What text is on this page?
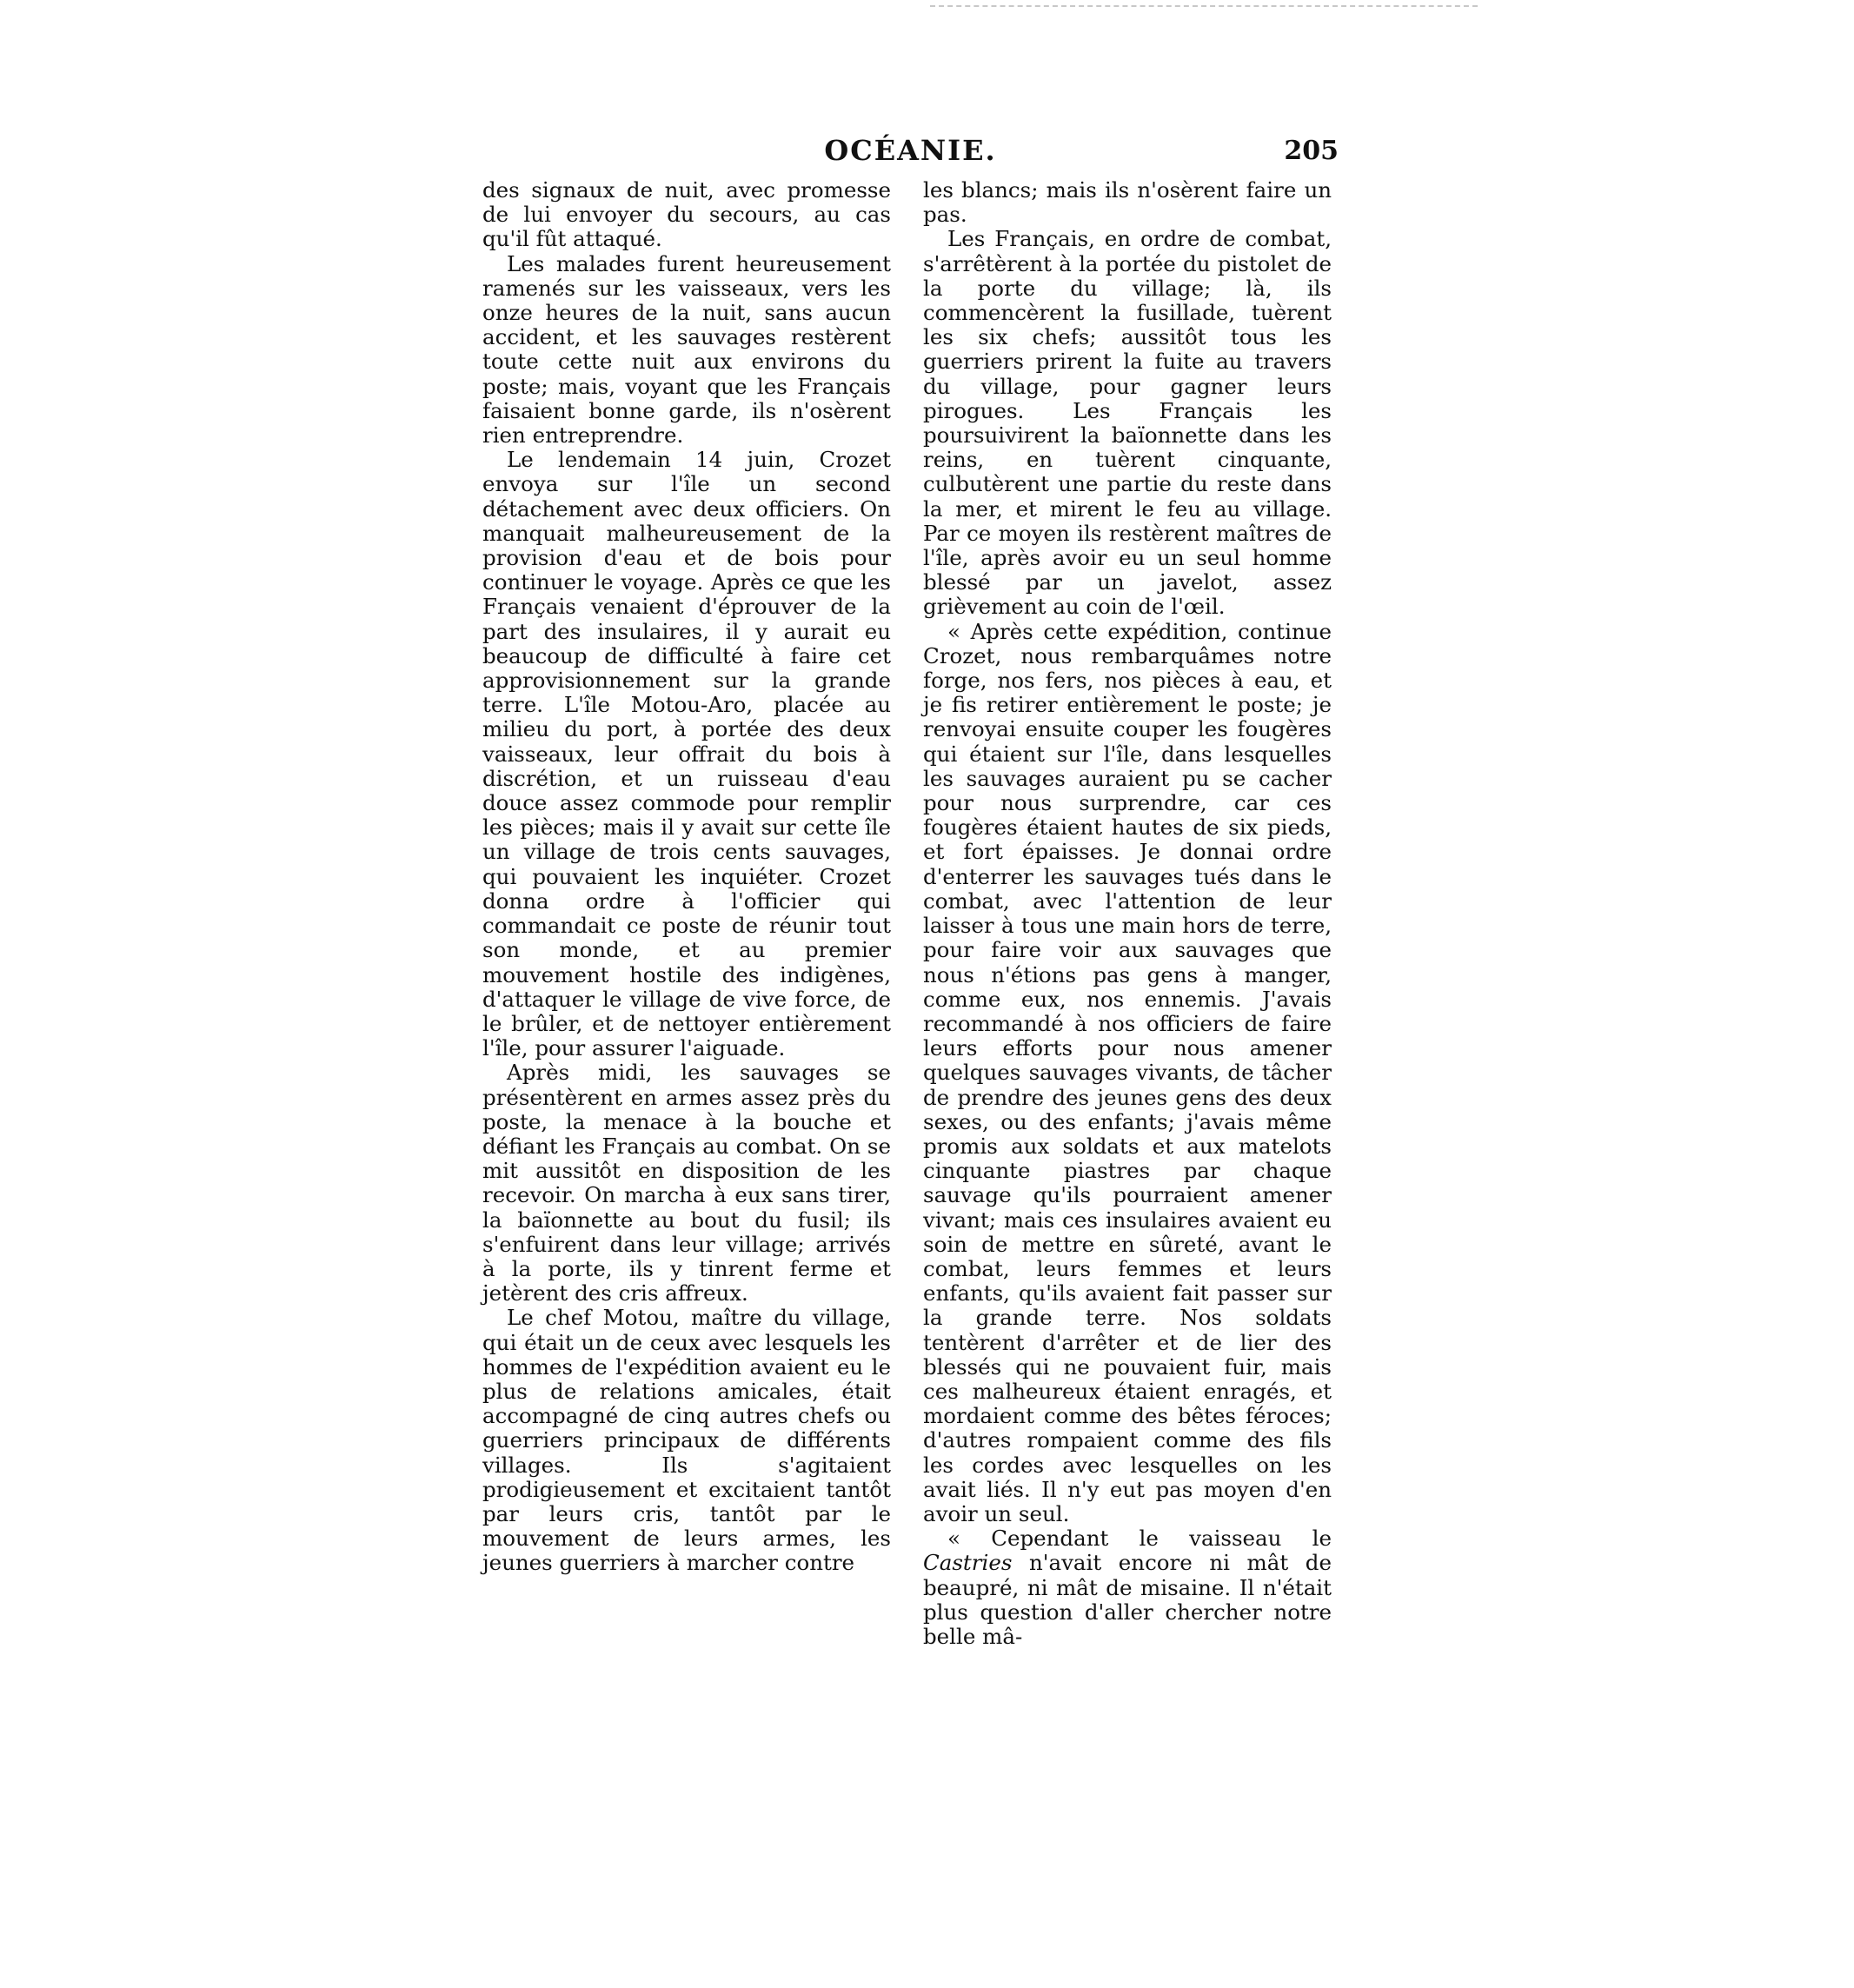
OCÉANIE.	205

des signaux de nuit, avec promesse de lui envoyer du secours, au cas qu'il fût attaqué.

Les malades furent heureusement ramenés sur les vaisseaux, vers les onze heures de la nuit, sans aucun accident, et les sauvages restèrent toute cette nuit aux environs du poste; mais, voyant que les Français faisaient bonne garde, ils n'osèrent rien entreprendre.

Le lendemain 14 juin, Crozet envoya sur l'île un second détachement avec deux officiers. On manquait malheureusement de la provision d'eau et de bois pour continuer le voyage. Après ce que les Français venaient d'éprouver de la part des insulaires, il y aurait eu beaucoup de difficulté à faire cet approvisionnement sur la grande terre. L'île Motou-Aro, placée au milieu du port, à portée des deux vaisseaux, leur offrait du bois à discrétion, et un ruisseau d'eau douce assez commode pour remplir les pièces; mais il y avait sur cette île un village de trois cents sauvages, qui pouvaient les inquiéter. Crozet donna ordre à l'officier qui commandait ce poste de réunir tout son monde, et au premier mouvement hostile des indigènes, d'attaquer le village de vive force, de le brûler, et de nettoyer entièrement l'île, pour assurer l'aiguade.

Après midi, les sauvages se présentèrent en armes assez près du poste, la menace à la bouche et défiant les Français au combat. On se mit aussitôt en disposition de les recevoir. On marcha à eux sans tirer, la baïonnette au bout du fusil; ils s'enfuirent dans leur village; arrivés à la porte, ils y tinrent ferme et jetèrent des cris affreux.

Le chef Motou, maître du village, qui était un de ceux avec lesquels les hommes de l'expédition avaient eu le plus de relations amicales, était accompagné de cinq autres chefs ou guerriers principaux de différents villages. Ils s'agitaient prodigieusement et excitaient tantôt par leurs cris, tantôt par le mouvement de leurs armes, les jeunes guerriers à marcher contre

les blancs; mais ils n'osèrent faire un pas.

Les Français, en ordre de combat, s'arrêtèrent à la portée du pistolet de la porte du village; là, ils commencèrent la fusillade, tuèrent les six chefs; aussitôt tous les guerriers prirent la fuite au travers du village, pour gagner leurs pirogues. Les Français les poursuivirent la baïonnette dans les reins, en tuèrent cinquante, culbutèrent une partie du reste dans la mer, et mirent le feu au village. Par ce moyen ils restèrent maîtres de l'île, après avoir eu un seul homme blessé par un javelot, assez grièvement au coin de l'œil.

« Après cette expédition, continue Crozet, nous rembarquâmes notre forge, nos fers, nos pièces à eau, et je fis retirer entièrement le poste; je renvoyai ensuite couper les fougères qui étaient sur l'île, dans lesquelles les sauvages auraient pu se cacher pour nous surprendre, car ces fougères étaient hautes de six pieds, et fort épaisses. Je donnai ordre d'enterrer les sauvages tués dans le combat, avec l'attention de leur laisser à tous une main hors de terre, pour faire voir aux sauvages que nous n'étions pas gens à manger, comme eux, nos ennemis. J'avais recommandé à nos officiers de faire leurs efforts pour nous amener quelques sauvages vivants, de tâcher de prendre des jeunes gens des deux sexes, ou des enfants; j'avais même promis aux soldats et aux matelots cinquante piastres par chaque sauvage qu'ils pourraient amener vivant; mais ces insulaires avaient eu soin de mettre en sûreté, avant le combat, leurs femmes et leurs enfants, qu'ils avaient fait passer sur la grande terre. Nos soldats tentèrent d'arrêter et de lier des blessés qui ne pouvaient fuir, mais ces malheureux étaient enragés, et mordaient comme des bêtes féroces; d'autres rompaient comme des fils les cordes avec lesquelles on les avait liés. Il n'y eut pas moyen d'en avoir un seul.

« Cependant le vaisseau le Castries n'avait encore ni mât de beaupré, ni mât de misaine. Il n'était plus question d'aller chercher notre belle mâ-
